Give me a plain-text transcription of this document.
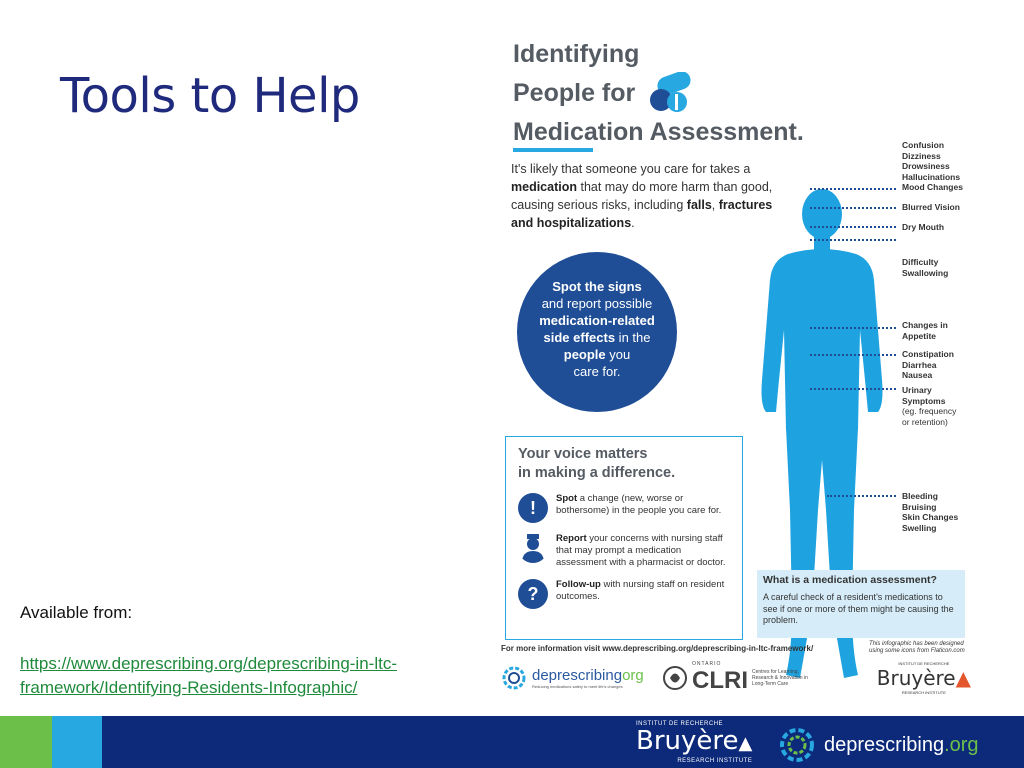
Tools to Help
Identifying
People for
Medication Assessment.

It's likely that someone you care for takes a medication that may do more harm than good, causing serious risks, including falls, fractures and hospitalizations.

Spot the signs
and report possible
medication-related
side effects in the
people you
care for.
Your voice matters
in making a difference.
!	Spot a change (new, worse or bothersome) in the people you care for.
Report your concerns with nursing staff that may prompt a medication assessment with a pharmacist or doctor.
?	Follow-up with nursing staff on resident outcomes.
Confusion
Dizziness
Drowsiness
Hallucinations
Mood Changes
Blurred Vision
Dry Mouth
Difficulty
Swallowing
Changes in
Appetite
Constipation
Diarrhea
Nausea
Urinary
Symptoms
(eg. frequency
or retention)
Bleeding
Bruising
Skin Changes
Swelling
What is a medication assessment?
A careful check of a resident's medications to see if one or more of them might be causing the problem.
For more information visit www.deprescribing.org/deprescribing-in-ltc-framework/	This infographic has been designed using some icons from Flaticon.com
deprescribingorg
Reducing medications safely to meet life's changes
ONTARIO
CLRI Centres for Learning, Research & Innovation in Long-Term Care
INSTITUT DE RECHERCHE
Bruyère▲
RESEARCH INSTITUTE
Available from:
https://www.deprescribing.org/deprescribing-in-ltc-framework/Identifying-Residents-Infographic/
INSTITUT DE RECHERCHE
Bruyère▲
RESEARCH INSTITUTE
deprescribing.org
